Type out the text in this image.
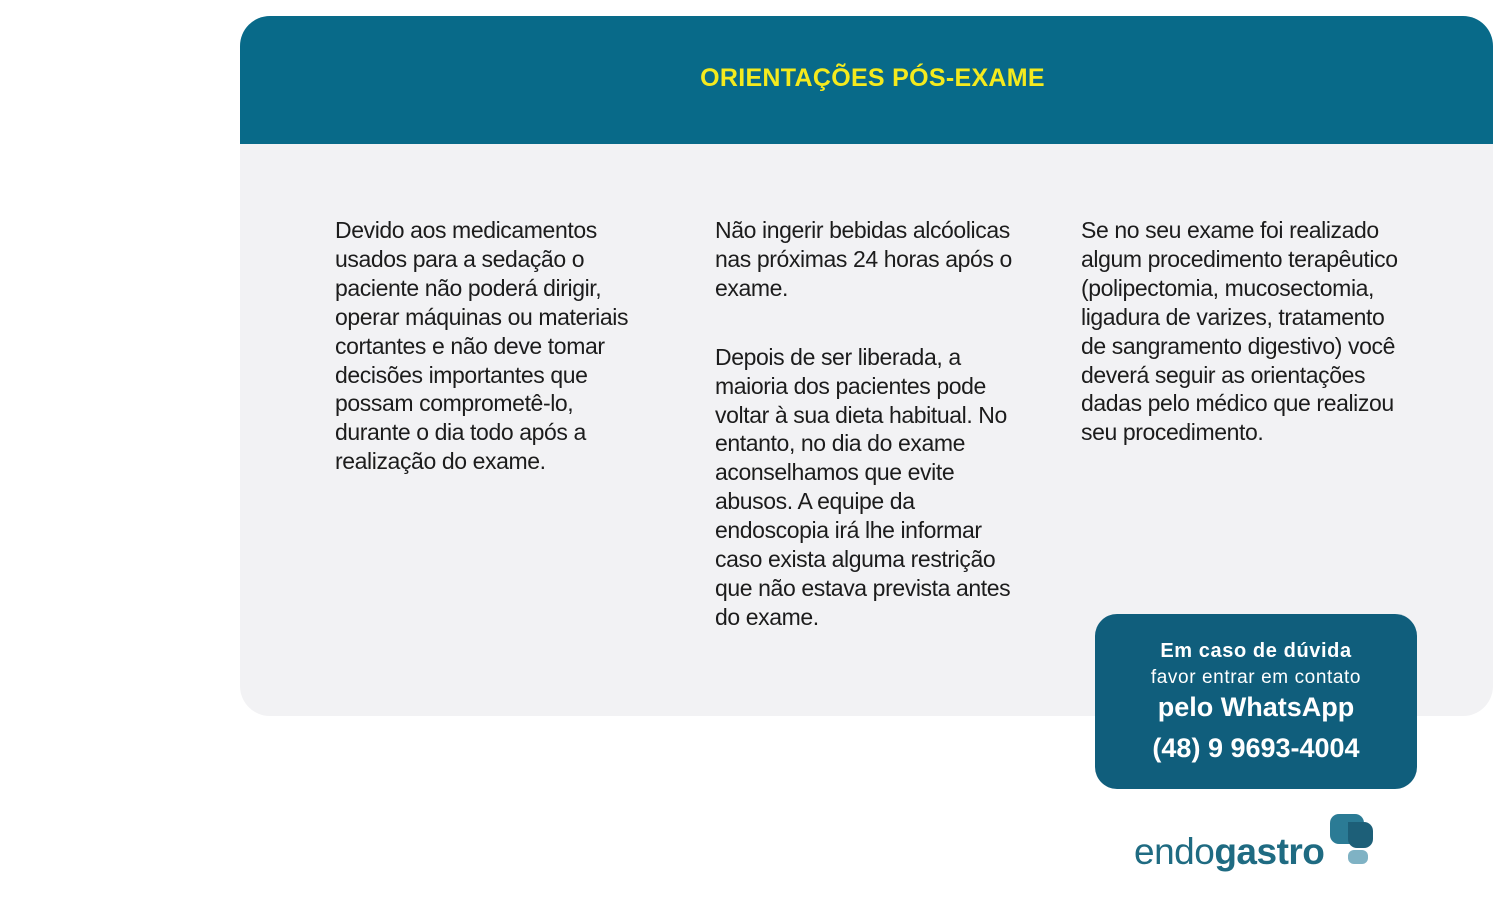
ORIENTAÇÕES PÓS-EXAME

Devido aos medicamentos usados para a sedação o paciente não poderá dirigir, operar máquinas ou materiais cortantes e não deve tomar decisões importantes que possam comprometê-lo, durante o dia todo após a realização do exame.

Não ingerir bebidas alcóolicas nas próximas 24 horas após o exame.

Depois de ser liberada, a maioria dos pacientes pode voltar à sua dieta habitual. No entanto, no dia do exame aconselhamos que evite abusos. A equipe da endoscopia irá lhe informar caso exista alguma restrição que não estava prevista antes do exame.

Se no seu exame foi realizado algum procedimento terapêutico (polipectomia, mucosectomia, ligadura de varizes, tratamento de sangramento digestivo) você deverá seguir as orientações dadas pelo médico que realizou seu procedimento.

Em caso de dúvida
favor entrar em contato
pelo WhatsApp
(48) 9 9693-4004
endogastro
